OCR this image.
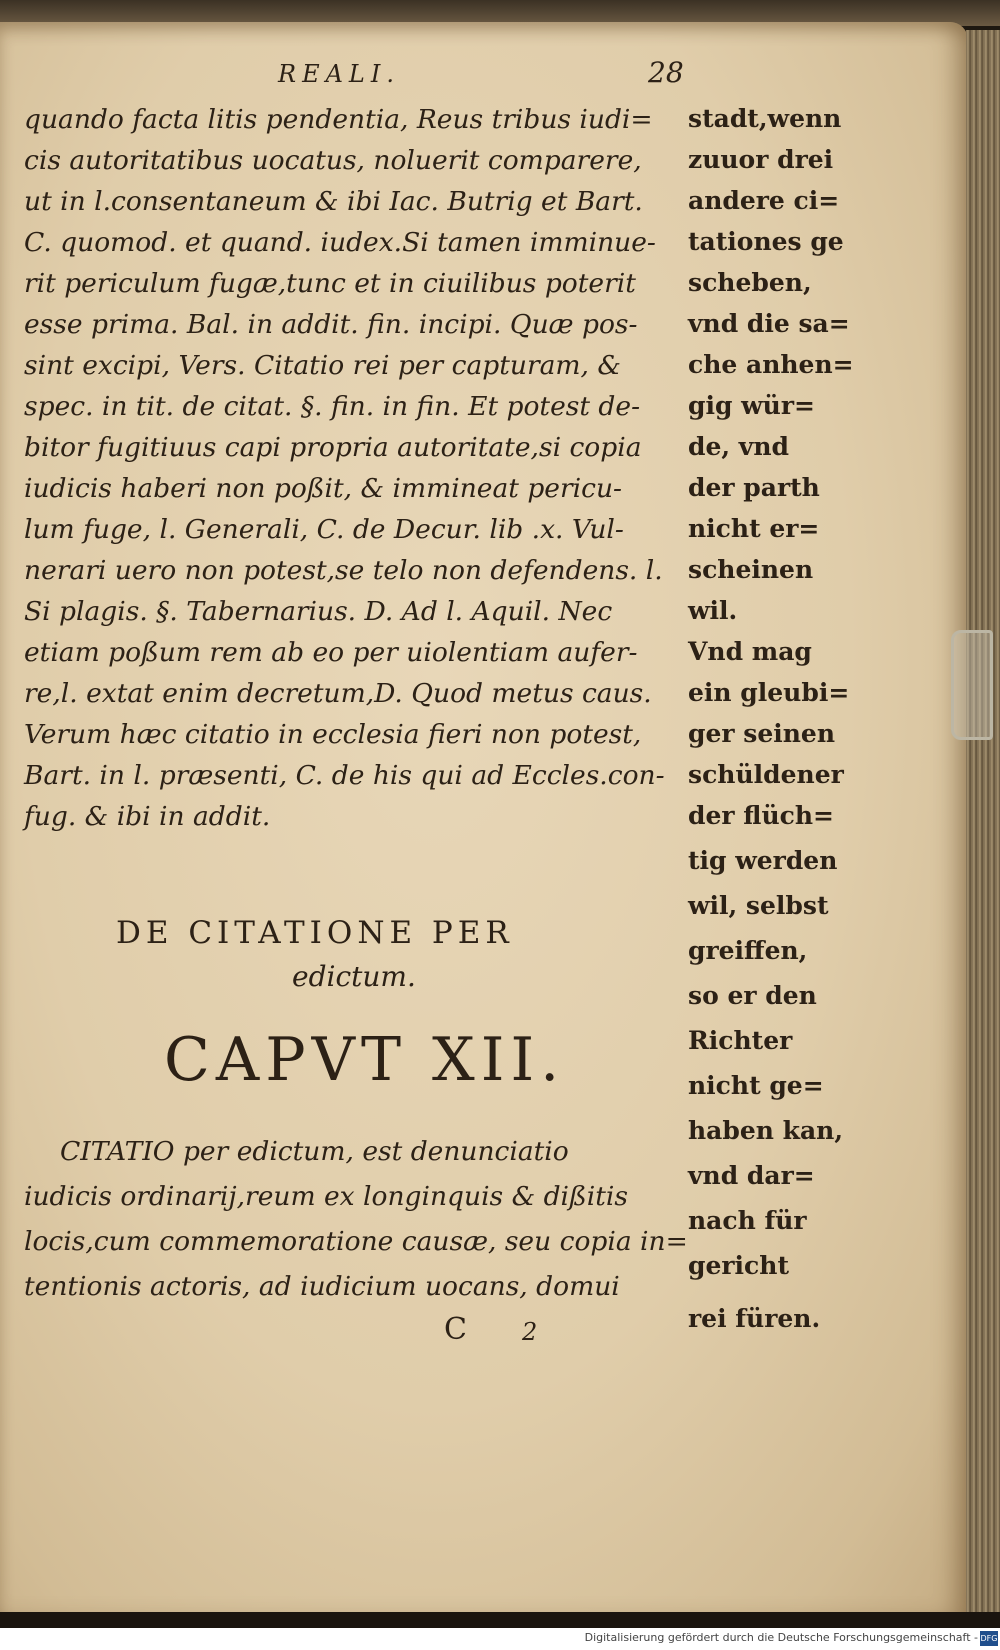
REALI.	28
quando facta litis pendentia, Reus tribus iudi=
cis autoritatibus uocatus, noluerit comparere,
ut in l.consentaneum & ibi Iac. Butrig et Bart.
C. quomod. et quand. iudex.Si tamen imminue-
rit periculum fugæ,tunc et in ciuilibus poterit
esse prima. Bal. in addit. fin. incipi. Quæ pos-
sint excipi, Vers. Citatio rei per capturam, &
spec. in tit. de citat. §. fin. in fin. Et potest de-
bitor fugitiuus capi propria autoritate,si copia
iudicis haberi non poßit, & immineat pericu-
lum fuge, l. Generali, C. de Decur. lib .x. Vul-
nerari uero non potest,se telo non defendens. l.
Si plagis. §. Tabernarius. D. Ad l. Aquil. Nec
etiam poßum rem ab eo per uiolentiam aufer-
re,l. extat enim decretum,D. Quod metus caus.
Verum hæc citatio in ecclesia fieri non potest,
Bart. in l. præsenti, C. de his qui ad Eccles.con-
fug. & ibi in addit.
stadt,wenn
zuuor drei
andere ci=
tationes ge
scheben,
vnd die sa=
che anhen=
gig wür=
de, vnd
der parth
nicht er=
scheinen
wil.
Vnd mag
ein gleubi=
ger seinen
schüldener
der flüch=
tig werden
wil, selbst
greiffen,
so er den
Richter
nicht ge=
haben kan,
vnd dar=
nach für
gericht
rei füren.
DE CITATIONE PER
edictum.
CAPVT XII.
CITATIO per edictum, est denunciatio
iudicis ordinarij,reum ex longinquis & dißitis
locis,cum commemoratione causæ, seu copia in=
tentionis actoris, ad iudicium uocans, domui
C 2
Digitalisierung gefördert durch die Deutsche Forschungsgemeinschaft - DFG
